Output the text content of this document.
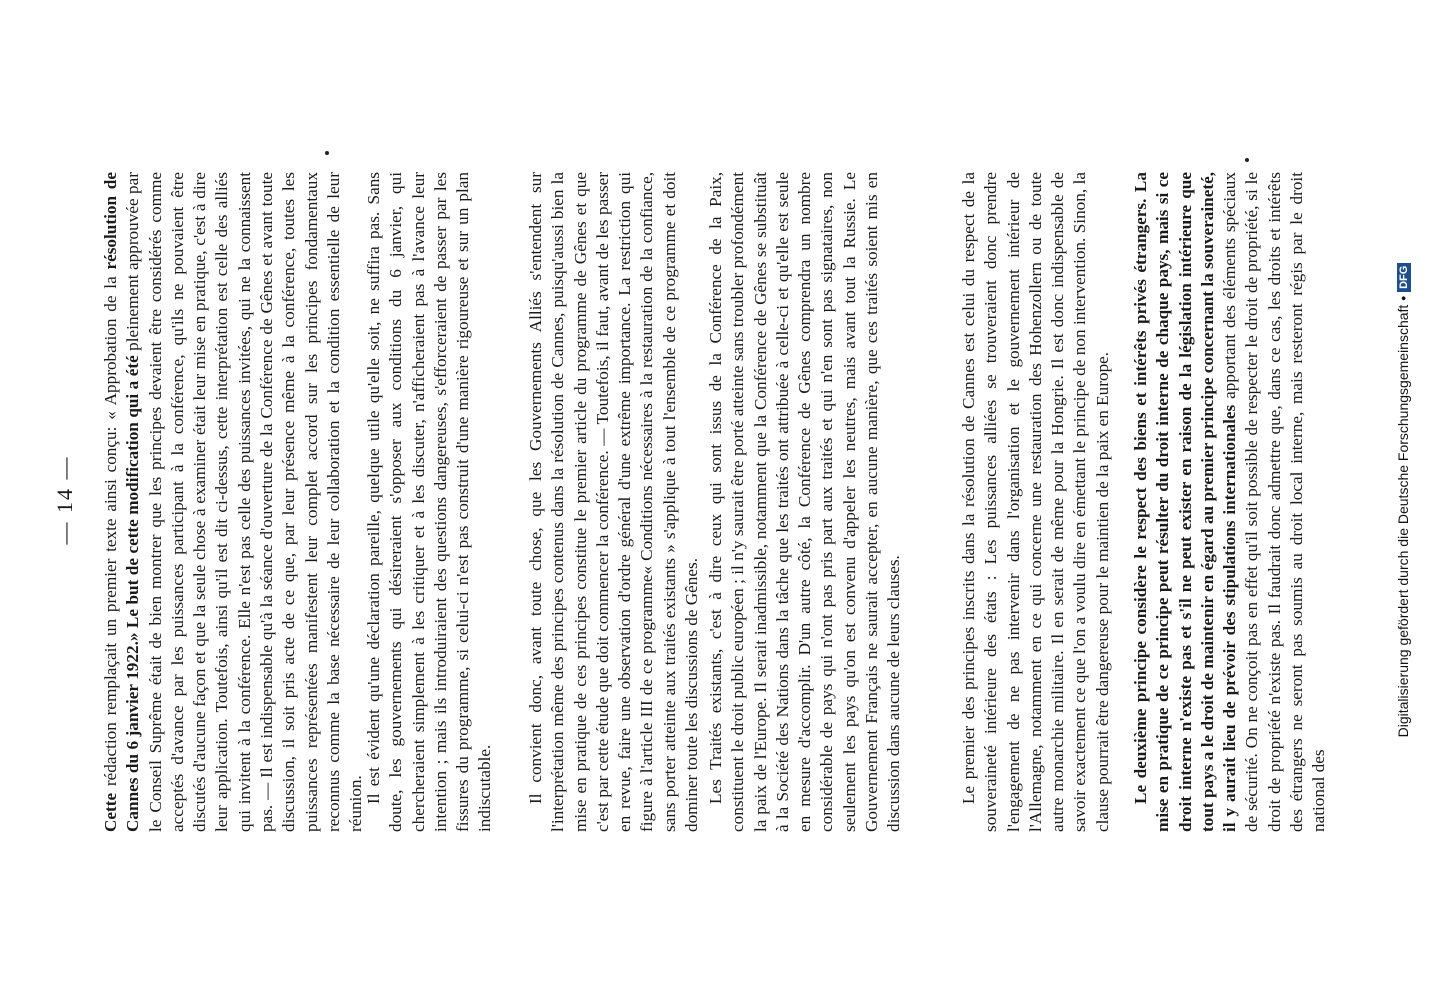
— 14 —

Cette rédaction remplaçait un premier texte ainsi conçu: « Approbation de la résolution de Cannes du 6 janvier 1922.» Le but de cette modification qui a été pleinement approuvée par le Conseil Suprême était de bien montrer que les principes devaient être considérés comme acceptés d'avance par les puissances participant à la conférence, qu'ils ne pouvaient être discutés d'aucune façon et que la seule chose à examiner était leur mise en pratique, c'est à dire leur application. Toutefois, ainsi qu'il est dit ci-dessus, cette interprétation est celle des alliés qui invitent à la conférence. Elle n'est pas celle des puissances invitées, qui ne la connaissent pas. — Il est indispensable qu'à la séance d'ouverture de la Conférence de Gênes et avant toute discussion, il soit pris acte de ce que, par leur présence même à la conférence, toutes les puissances représentées manifestent leur complet accord sur les principes fondamentaux reconnus comme la base nécessaire de leur collaboration et la condition essentielle de leur réunion.

Il est évident qu'une déclaration pareille, quelque utile qu'elle soit, ne suffira pas. Sans doute, les gouvernements qui désireraient s'opposer aux conditions du 6 janvier, qui chercheraient simplement à les critiquer et à les discuter, n'afficheraient pas à l'avance leur intention ; mais ils introduiraient des questions dangereuses, s'efforceraient de passer par les fissures du programme, si celui-ci n'est pas construit d'une manière rigoureuse et sur un plan indiscutable. Il convient donc, avant toute chose, que les Gouvernements Alliés s'entendent sur l'interprétation même des principes contenus dans la résolution de Cannes, puisqu'aussi bien la mise en pratique de ces principes constitue le premier article du programme de Gênes et que c'est par cette étude que doit commencer la conférence. — Toutefois, il faut, avant de les passer en revue, faire une observation d'ordre général d'une extrême importance. La restriction qui figure à l'article III de ce programme« Conditions nécessaires à la restauration de la confiance, sans porter atteinte aux traités existants » s'applique à tout l'ensemble de ce programme et doit dominer toute les discussions de Gênes. Les Traités existants, c'est à dire ceux qui sont issus de la Conférence de la Paix, constituent le droit public européen ; il n'y saurait être porté atteinte sans troubler profondément la paix de l'Europe. Il serait inadmissible, notamment que la Conférence de Gênes se substituât à la Société des Nations dans la tâche que les traités ont attribuée à celle-ci et qu'elle est seule en mesure d'accomplir. D'un autre côté, la Conférence de Gênes comprendra un nombre considérable de pays qui n'ont pas pris part aux traités et qui n'en sont pas signataires, non seulement les pays qu'on est convenu d'appeler les neutres, mais avant tout la Russie. Le Gouvernement Français ne saurait accepter, en aucune manière, que ces traités soient mis en discussion dans aucune de leurs clauses.	Le premier des principes inscrits dans la résolution de Cannes est celui du respect de la souveraineté intérieure des états : Les puissances alliées se trouveraient donc prendre l'engagement de ne pas intervenir dans l'organisation et le gouvernement intérieur de l'Allemagne, notamment en ce qui concerne une restauration des Hohenzollern ou de toute autre monarchie militaire. Il en serait de même pour la Hongrie. Il est donc indispensable de savoir exactement ce que l'on a voulu dire en émettant le principe de non intervention. Sinon, la clause pourrait être dangereuse pour le maintien de la paix en Europe. Le deuxième principe considère le respect des biens et intérêts privés étrangers. La mise en pratique de ce principe peut résulter du droit interne de chaque pays, mais si ce droit interne n'existe pas et s'il ne peut exister en raison de la législation intérieure que tout pays a le droit de maintenir en égard au premier principe concernant la souveraineté, il y aurait lieu de prévoir des stipulations internationales apportant des éléments spéciaux de sécurité. On ne conçoit pas en effet qu'il soit possible de respecter le droit de propriété, si le droit de propriété n'existe pas. Il faudrait donc admettre que, dans ce cas, les droits et intérêts des étrangers ne seront pas soumis au droit local interne, mais resteront régis par le droit national des

Digitalisierung gefördert durch die Deutsche Forschungsgemeinschaft •DFG
